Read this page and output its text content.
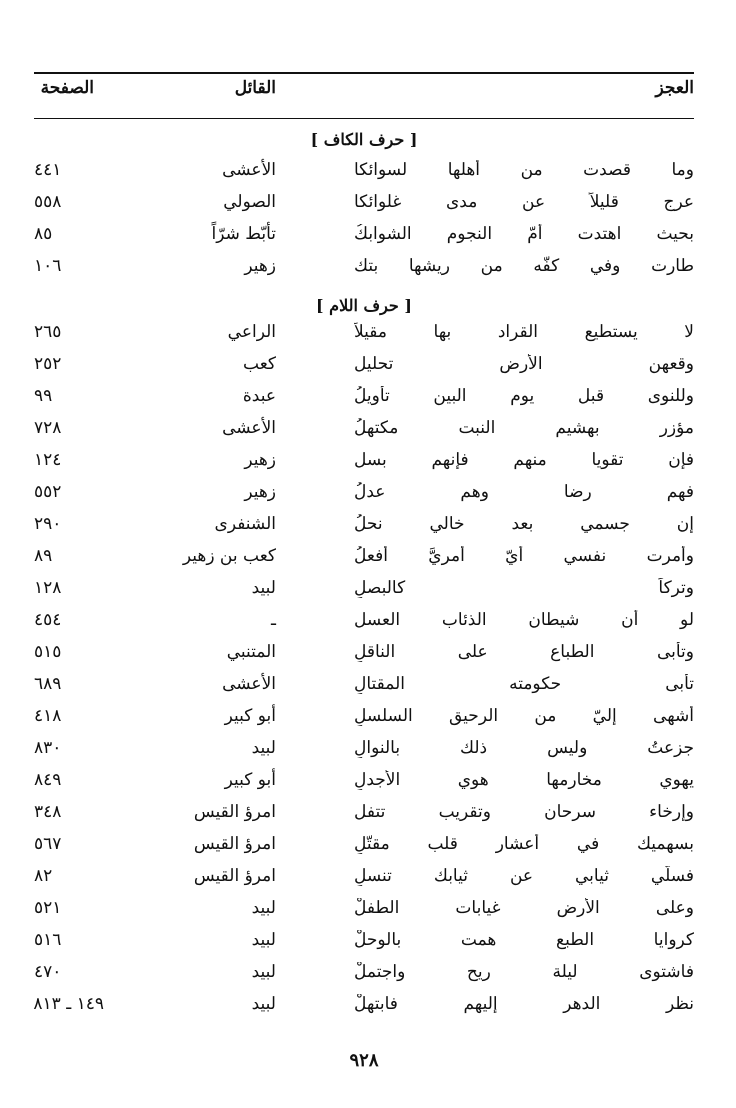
العجز
القائل
الصفحة
[ حرف الكاف ]
وما قصدت من أهلها لسوائكا
الأعشى
٤٤١
عرج قليلاً عن مدى غلوائكا
الصولي
٥٥٨
بحيث اهتدت أمّ النجوم الشوابكُ
تأبّط شرّاً
٨٥
طارت وفي كفّه من ريشها بتك
زهير
١٠٦
[ حرف اللام ]
لا يستطيع القراد بها مقيلاً
الراعي
٢٦٥
وقعهن الأرض تحليل
كعب
٢٥٢
وللنوى قبل يوم البين تأويلُ
عبدة
٩٩
مؤزر بهشيم النبت مكتهلُ
الأعشى
٧٢٨
فإن تقويا منهم فإنهم بسل
زهير
١٢٤
فهم رضا وهم عدلُ
زهير
٥٥٢
إن جسمي بعد خالي نحلُ
الشنفرى
٢٩٠
وأمرت نفسي أيّ أمريَّ أفعلُ
كعب بن زهير
٨٩
وتركاً كالبصلِ
لبيد
١٢٨
لو أن شيطان الذئاب العسل
ـ
٤٥٤
وتأبى الطباع على الناقلِ
المتنبي
٥١٥
تأبى حكومته المقتالِ
الأعشى
٦٨٩
أشهى إليّ من الرحيق السلسلِ
أبو كبير
٤١٨
جزعتُ وليس ذلك بالنوالِ
لبيد
٨٣٠
يهوي مخارمها هوي الأجدلِ
أبو كبير
٨٤٩
وإرخاء سرحان وتقريب تتفل
امرؤ القيس
٣٤٨
بسهميك في أعشار قلب مقتّلِ
امرؤ القيس
٥٦٧
فسلّي ثيابي عن ثيابك تنسلِ
امرؤ القيس
٨٢
وعلى الأرض غيابات الطفلْ
لبيد
٥٢١
كروايا الطبع همت بالوحلْ
لبيد
٥١٦
فاشتوى ليلة ريح واجتملْ
لبيد
٤٧٠
نظر الدهر إليهم فابتهلْ
لبيد
١٤٩ ـ ٨١٣
٩٢٨
